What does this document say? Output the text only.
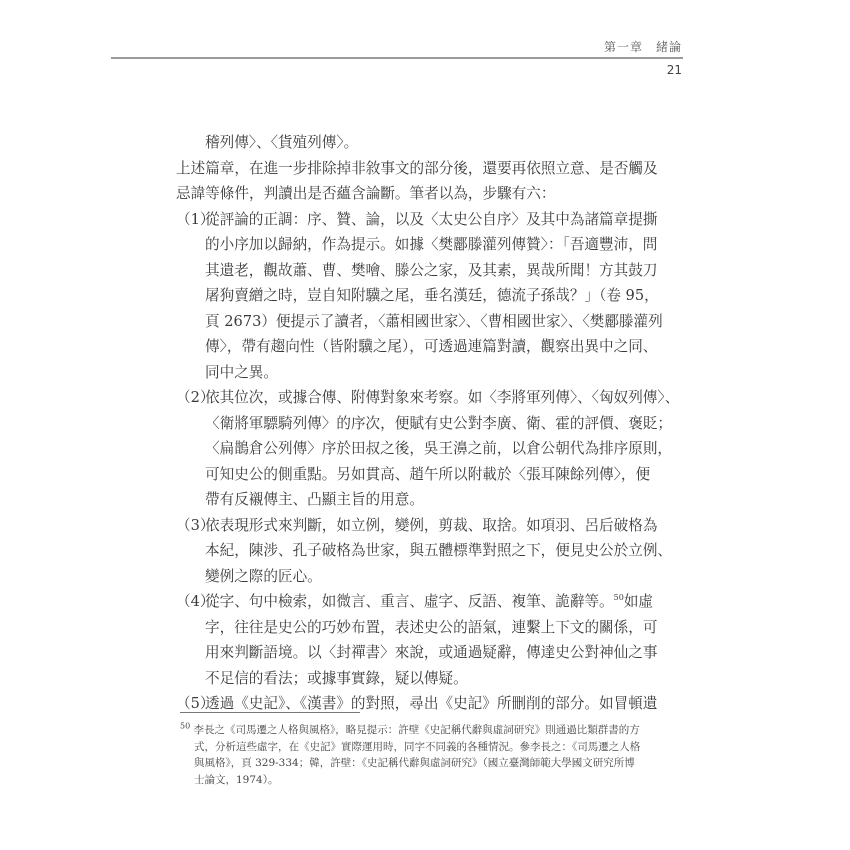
第一章　緒論
21
稽列傳〉、〈貨殖列傳〉。
上述篇章，在進一步排除掉非敘事文的部分後，還要再依照立意、是否觸及
忌諱等條件，判讀出是否蘊含論斷。筆者以為，步驟有六：
（1）從評論的正調：序、贊、論，以及〈太史公自序〉及其中為諸篇章提撕
的小序加以歸納，作為提示。如據〈樊酈滕灌列傳贊〉：「吾適豐沛，問
其遺老，觀故蕭、曹、樊噲、滕公之家，及其素，異哉所聞！方其鼓刀
屠狗賣繒之時，豈自知附驥之尾，垂名漢廷，德流子孫哉？」（卷 95，
頁 2673）便提示了讀者，〈蕭相國世家〉、〈曹相國世家〉、〈樊酈滕灌列
傳〉，帶有趨向性（皆附驥之尾），可透過連篇對讀，觀察出異中之同、
同中之異。
（2）依其位次，或據合傳、附傳對象來考察。如〈李將軍列傳〉、〈匈奴列傳〉、
〈衛將軍驃騎列傳〉的序次，便賦有史公對李廣、衛、霍的評價、褒貶；
〈扁鵲倉公列傳〉序於田叔之後，吳王濞之前，以倉公朝代為排序原則，
可知史公的側重點。另如貫高、趙午所以附載於〈張耳陳餘列傳〉，便
帶有反襯傳主、凸顯主旨的用意。
（3）依表現形式來判斷，如立例，變例，剪裁、取捨。如項羽、呂后破格為
本紀，陳涉、孔子破格為世家，與五體標準對照之下，便見史公於立例、
變例之際的匠心。
（4）從字、句中檢索，如微言、重言、虛字、反語、複筆、詭辭等。$^{50}$如虛
字，往往是史公的巧妙布置，表述史公的語氣，連繫上下文的關係，可
用來判斷語境。以〈封禪書〉來說，或通過疑辭，傳達史公對神仙之事
不足信的看法；或據事實錄，疑以傳疑。
（5）透過《史記》、《漢書》的對照，尋出《史記》所刪削的部分。如冒頓遺
$^{50}$ 李長之《司馬遷之人格與風格》，略見提示：許壁《史記稱代辭與虛詞研究》則通過比類群書的方
式，分析這些虛字，在《史記》實際運用時，同字不同義的各種情況。參李長之：《司馬遷之人格
與風格》，頁 329-334；韓，許壁：《史記稱代辭與虛詞研究》（國立臺灣師範大學國文研究所博
士論文，1974）。
